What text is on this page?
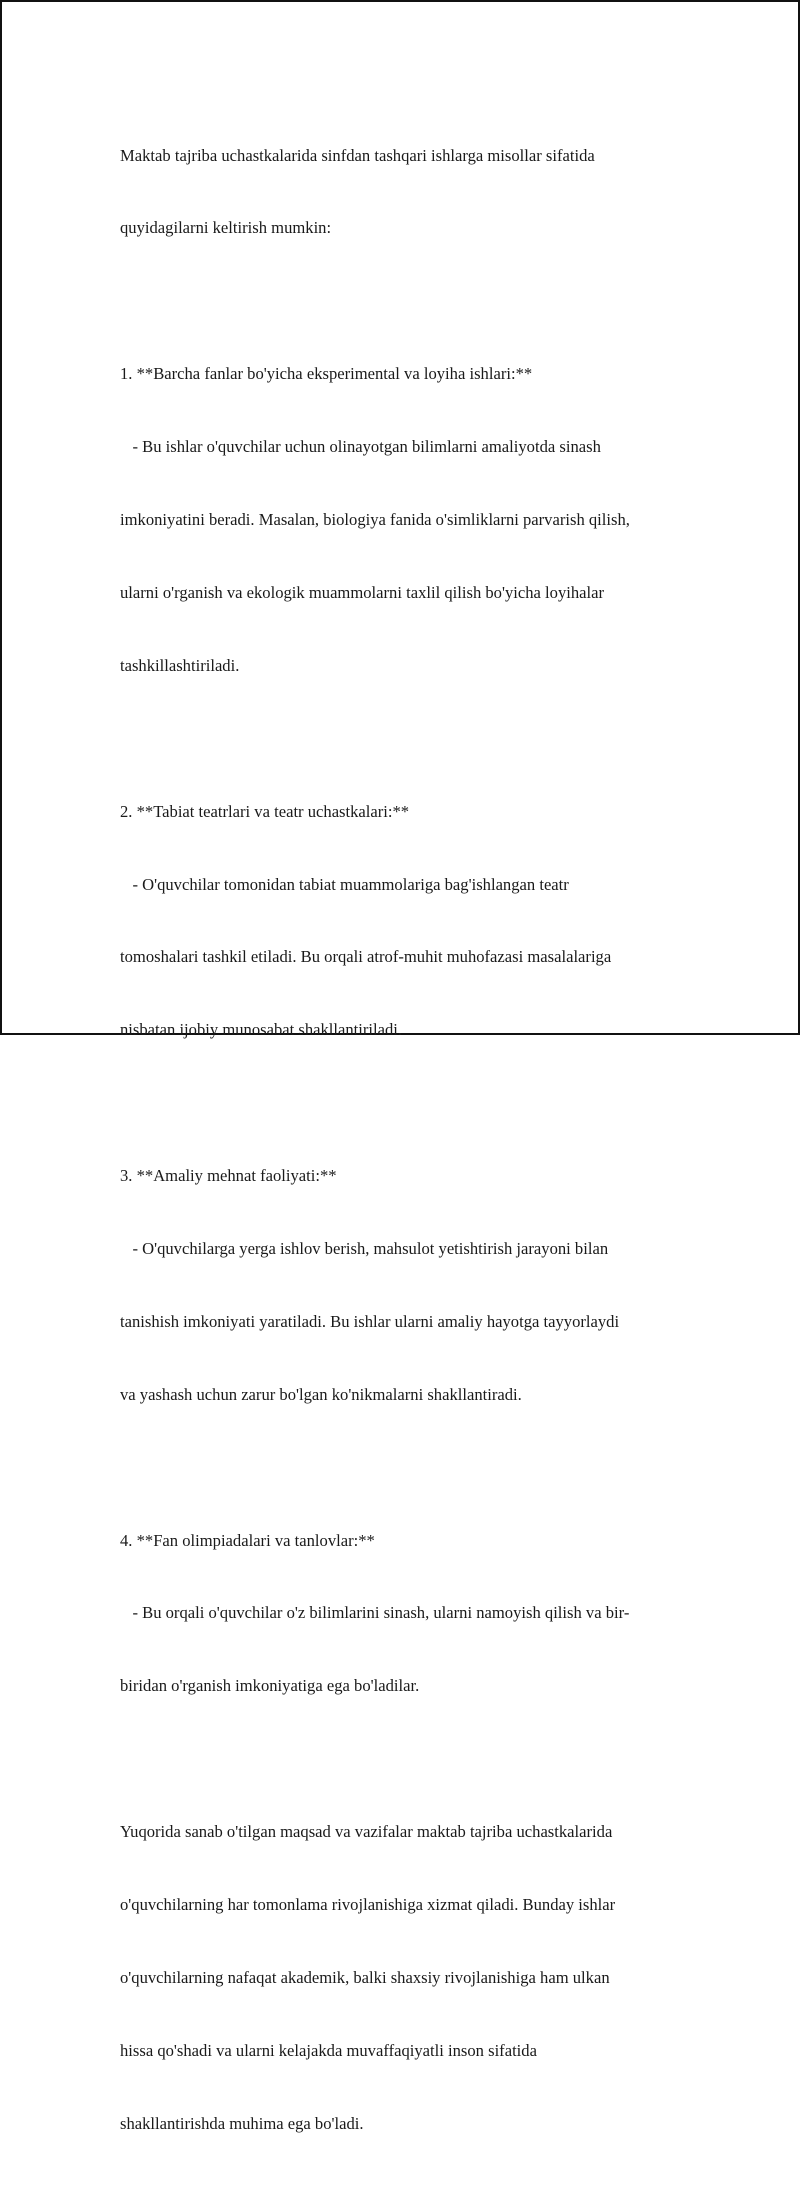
Maktab tajriba uchastkalarida sinfdan tashqari ishlarga misollar sifatida

quyidagilarni keltirish mumkin:

1. **Barcha fanlar bo'yicha eksperimental va loyiha ishlari:**

- Bu ishlar o'quvchilar uchun olinayotgan bilimlarni amaliyotda sinash

imkoniyatini beradi. Masalan, biologiya fanida o'simliklarni parvarish qilish,

ularni o'rganish va ekologik muammolarni taxlil qilish bo'yicha loyihalar

tashkillashtiriladi.

2. **Tabiat teatrlari va teatr uchastkalari:**

- O'quvchilar tomonidan tabiat muammolariga bag'ishlangan teatr

tomoshalari tashkil etiladi. Bu orqali atrof-muhit muhofazasi masalalariga

nisbatan ijobiy munosabat shakllantiriladi.

3. **Amaliy mehnat faoliyati:**

- O'quvchilarga yerga ishlov berish, mahsulot yetishtirish jarayoni bilan

tanishish imkoniyati yaratiladi. Bu ishlar ularni amaliy hayotga tayyorlaydi

va yashash uchun zarur bo'lgan ko'nikmalarni shakllantiradi.

4. **Fan olimpiadalari va tanlovlar:**

- Bu orqali o'quvchilar o'z bilimlarini sinash, ularni namoyish qilish va bir-

biridan o'rganish imkoniyatiga ega bo'ladilar.

Yuqorida sanab o'tilgan maqsad va vazifalar maktab tajriba uchastkalarida

o'quvchilarning har tomonlama rivojlanishiga xizmat qiladi. Bunday ishlar

o'quvchilarning nafaqat akademik, balki shaxsiy rivojlanishiga ham ulkan

hissa qo'shadi va ularni kelajakda muvaffaqiyatli inson sifatida

shakllantirishda muhima ega bo'ladi.
